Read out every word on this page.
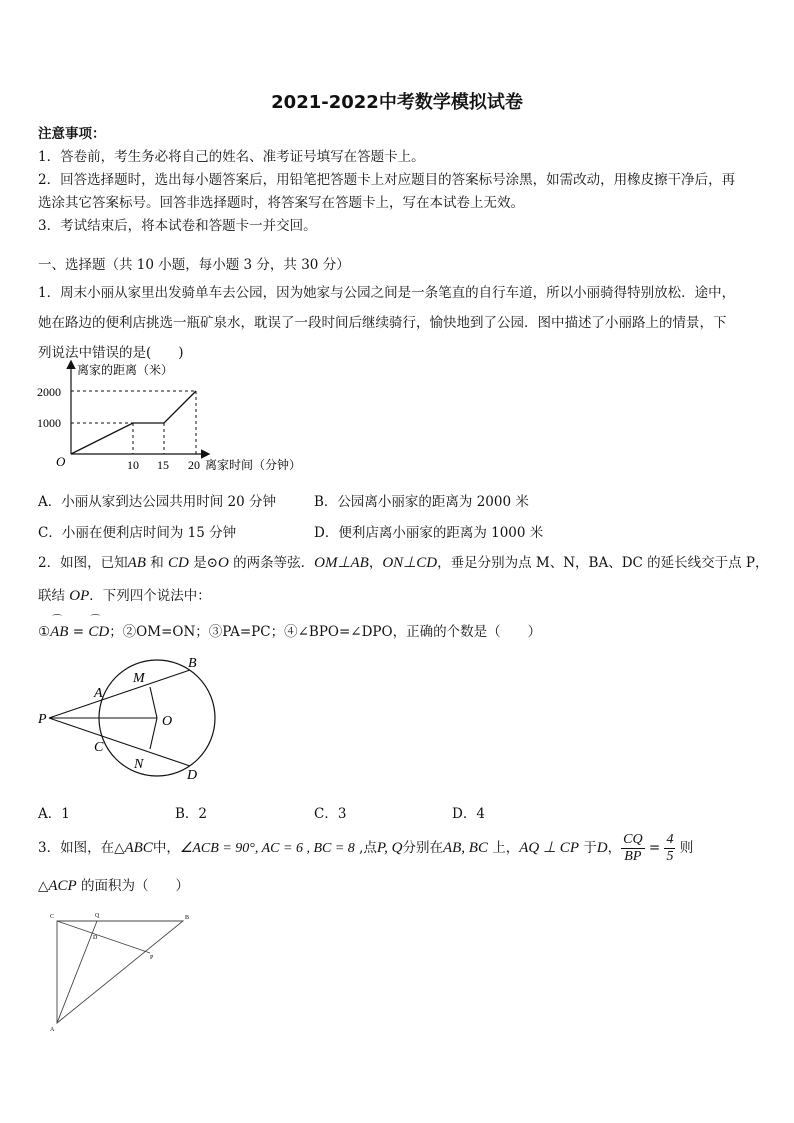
2021-2022中考数学模拟试卷
注意事项：
1．答卷前，考生务必将自己的姓名、准考证号填写在答题卡上。
2．回答选择题时，选出每小题答案后，用铅笔把答题卡上对应题目的答案标号涂黑，如需改动，用橡皮擦干净后，再
选涂其它答案标号。回答非选择题时，将答案写在答题卡上，写在本试卷上无效。
3．考试结束后，将本试卷和答题卡一并交回。
一、选择题（共 10 小题，每小题 3 分，共 30 分）
1．周末小丽从家里出发骑单车去公园，因为她家与公园之间是一条笔直的自行车道，所以小丽骑得特别放松．途中，
她在路边的便利店挑选一瓶矿泉水，耽误了一段时间后继续骑行，愉快地到了公园．图中描述了小丽路上的情景，下
列说法中错误的是(　　)
离家的距离（米）
2000
1000
O	10 15 20 离家时间（分钟）
A．小丽从家到达公园共用时间 20 分钟	B．公园离小丽家的距离为 2000 米
C．小丽在便利店时间为 15 分钟	D．便利店离小丽家的距离为 1000 米
2．如图，已知AB 和 CD 是⊙O 的两条等弦．OM⊥AB，ON⊥CD，垂足分别为点 M、N，BA、DC 的延长线交于点 P，
联结 OP．下列四个说法中：
①⌒ AB = ⌒ CD；②OM=ON；③PA=PC；④∠BPO=∠DPO，正确的个数是（　　）
P
A
M
B
O
C
N
D
A．1	B．2	C．3	D．4
3．如图，在△ABC中，∠ACB = 90°, AC = 6 , BC = 8 ,点P, Q分别在AB, BC 上，AQ ⊥ CP 于D， $\frac{CQ}{BP} = \frac{4}{5}$ 则
△ACP 的面积为（　　）
C	Q	B
D
P
A
